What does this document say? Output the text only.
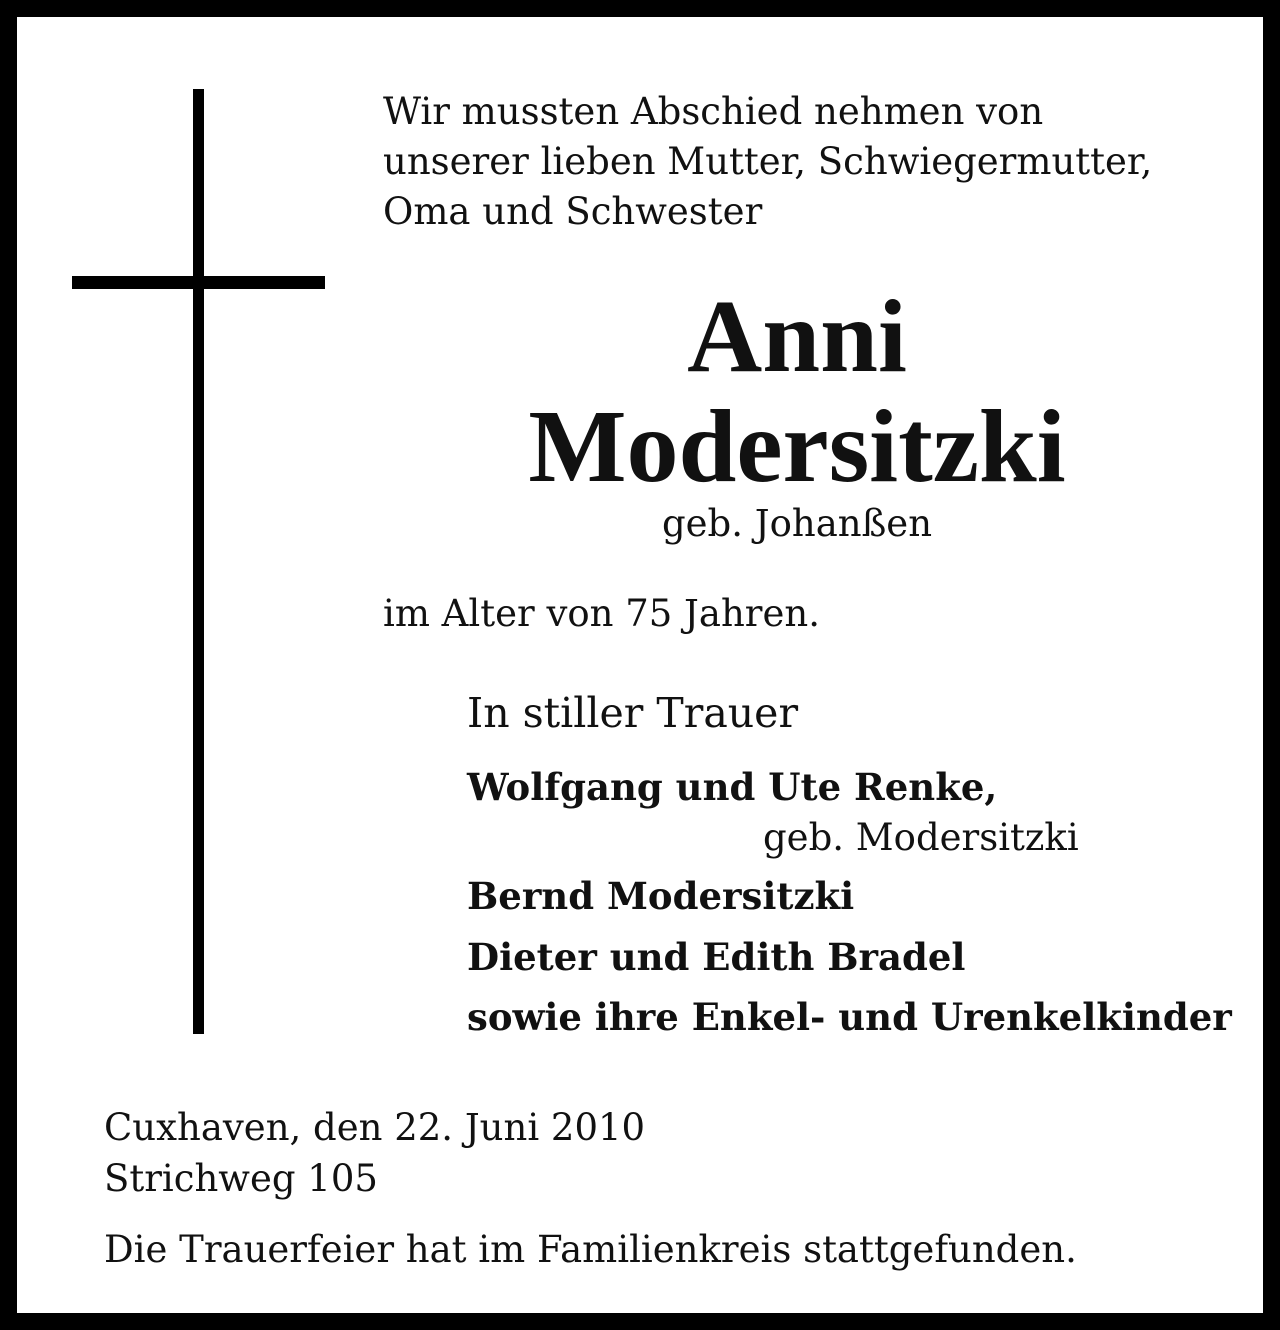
Wir mussten Abschied nehmen von
unserer lieben Mutter, Schwiegermutter,
Oma und Schwester
Anni
Modersitzki
geb. Johanßen
im Alter von 75 Jahren.
In stiller Trauer
Wolfgang und Ute Renke,
geb. Modersitzki
Bernd Modersitzki
Dieter und Edith Bradel
sowie ihre Enkel- und Urenkelkinder
Cuxhaven, den 22. Juni 2010
Strichweg 105
Die Trauerfeier hat im Familienkreis stattgefunden.
